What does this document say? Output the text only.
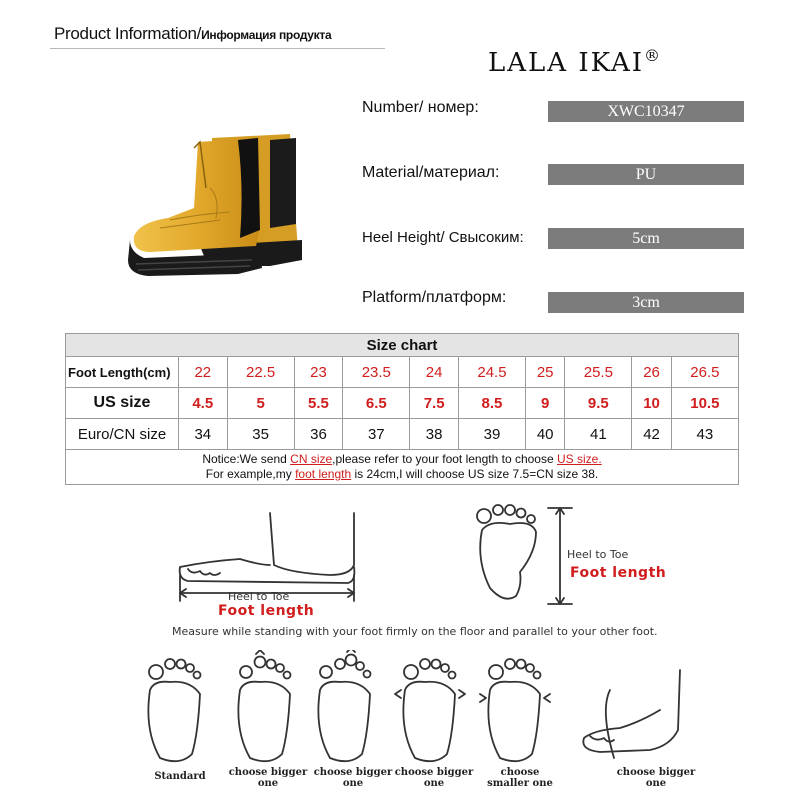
Product Information/Информация продукта
LALA IKAI®
Number/ номер:	XWC10347
Material/материал:	PU
Heel Height/ Свысоким:	5cm
Platform/платформ:	3cm
Size chart										
Foot Length(cm)	22	22.5	23	23.5	24	24.5	25	25.5	26	26.5
US size	4.5	5	5.5	6.5	7.5	8.5	9	9.5	10	10.5
Euro/CN size	34	35	36	37	38	39	40	41	42	43
Notice:We send CN size,please refer to your foot length to choose US size.
For example,my foot length is 24cm,I will choose US size 7.5=CN size 38.										
Heel to Toe
Foot length
Heel to Toe
Foot length
Measure while standing with your foot firmly on the floor and parallel to your other foot.
Standard	choose bigger one
choose bigger one
choose bigger one
choose smaller one
choose bigger one
